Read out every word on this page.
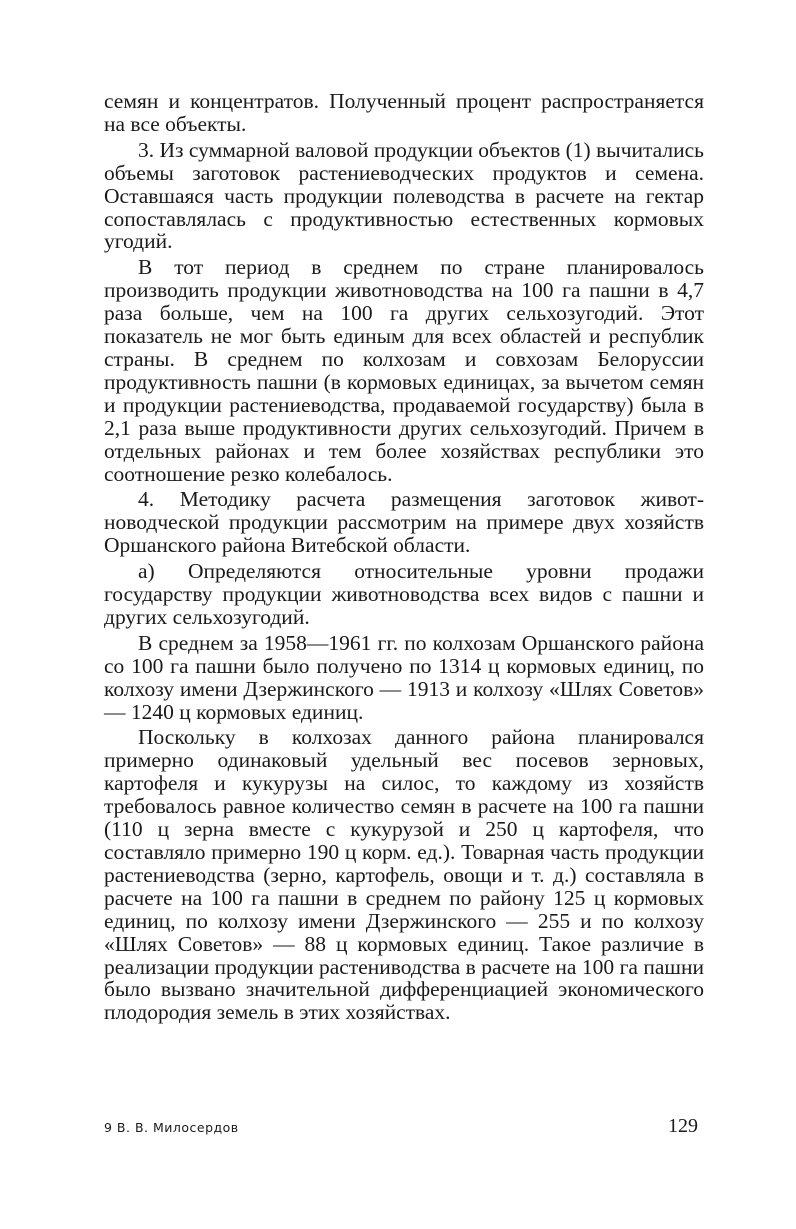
семян и концентратов. Полученный процент распространяется на все объекты.

3. Из суммарной валовой продукции объектов (1) вычитались объемы заготовок растениеводческих продуктов и семена. Оставшаяся часть продукции полеводства в расчете на гектар сопоставлялась с продуктивностью естественных кормовых угодий.

В тот период в среднем по стране планировалось производить продукции животноводства на 100 га пашни в 4,7 раза больше, чем на 100 га других сельхозугодий. Этот показатель не мог быть единым для всех областей и республик страны. В среднем по колхозам и совхозам Белоруссии продуктивность пашни (в кормовых единицах, за вычетом семян и продукции растениеводства, продаваемой государству) была в 2,1 раза выше продуктивности других сельхозугодий. Причем в отдельных районах и тем более хозяйствах республики это соотношение резко колебалось.

4. Методику расчета размещения заготовок животноводческой продукции рассмотрим на примере двух хозяйств Оршанского района Витебской области.

а) Определяются относительные уровни продажи государству продукции животноводства всех видов с пашни и других сельхозугодий.

В среднем за 1958—1961 гг. по колхозам Оршанского района со 100 га пашни было получено по 1314 ц кормовых единиц, по колхозу имени Дзержинского — 1913 и колхозу «Шлях Советов» — 1240 ц кормовых единиц.

Поскольку в колхозах данного района планировался примерно одинаковый удельный вес посевов зерновых, картофеля и кукурузы на силос, то каждому из хозяйств требовалось равное количество семян в расчете на 100 га пашни (110 ц зерна вместе с кукурузой и 250 ц картофеля, что составляло примерно 190 ц корм. ед.). Товарная часть продукции растениеводства (зерно, картофель, овощи и т. д.) составляла в расчете на 100 га пашни в среднем по району 125 ц кормовых единиц, по колхозу имени Дзержинского — 255 и по колхозу «Шлях Советов» — 88 ц кормовых единиц. Такое различие в реализации продукции растениводства в расчете на 100 га пашни было вызвано значительной дифференциацией экономического плодородия земель в этих хозяйствах.

9 В. В. Милосердов	129
